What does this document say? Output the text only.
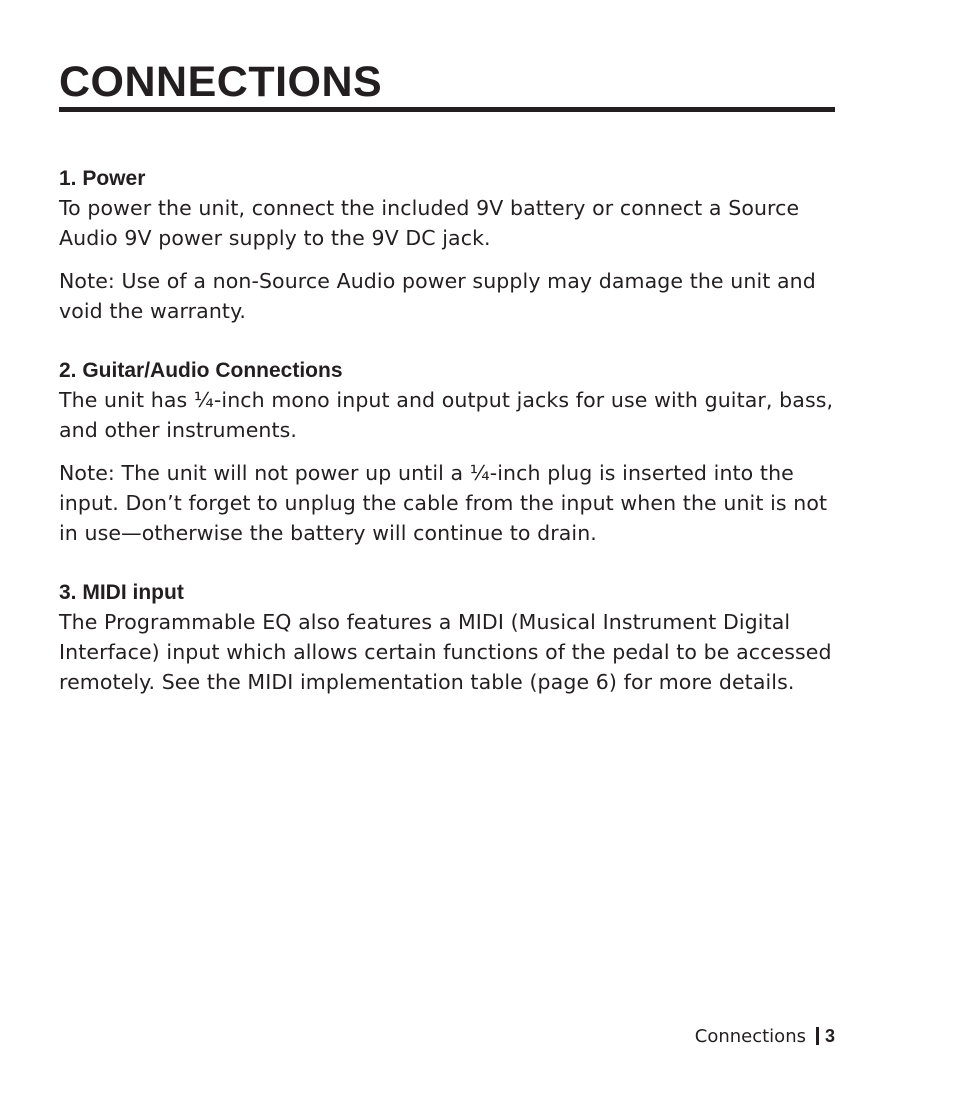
CONNECTIONS
1. Power

To power the unit, connect the included 9V battery or connect a Source Audio 9V power supply to the 9V DC jack.

Note: Use of a non-Source Audio power supply may damage the unit and void the warranty.

2. Guitar/Audio Connections

The unit has ¼-inch mono input and output jacks for use with guitar, bass, and other instruments.

Note: The unit will not power up until a ¼-inch plug is inserted into the input. Don’t forget to unplug the cable from the input when the unit is not in use—otherwise the battery will continue to drain.

3. MIDI input

The Programmable EQ also features a MIDI (Musical Instrument Digital Interface) input which allows certain functions of the pedal to be accessed remotely. See the MIDI implementation table (page 6) for more details.

Connections 3
